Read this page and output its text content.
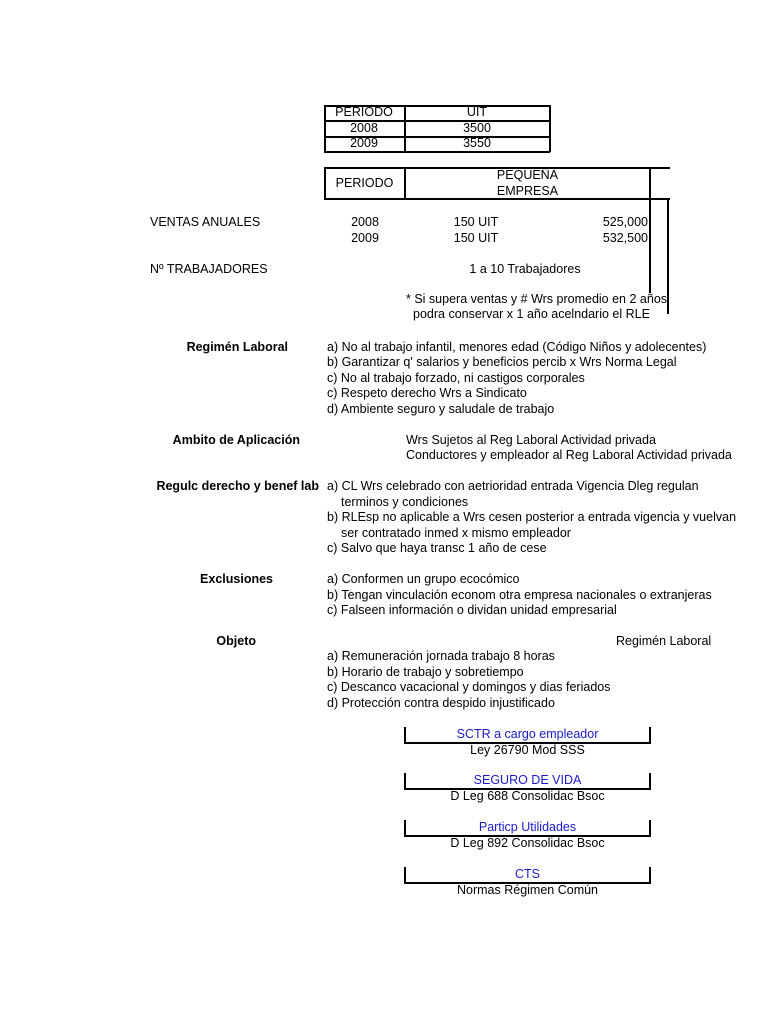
PERIODO	UIT
2008	3500
2009	3550
PERIODO
PEQUEÑA
EMPRESA
VENTAS ANUALES	2008	150 UIT	525,000
2009	150 UIT	532,500
Nº TRABAJADORES	1 a 10 Trabajadores
* Si supera ventas y # Wrs promedio en 2 años
podra conservar x 1 año acelndario el RLE
Regimén Laboral	a) No al trabajo infantil, menores edad (Código Niños y adolecentes)
b) Garantizar q' salarios y beneficios percib x Wrs Norma Legal
c) No al trabajo forzado, ni castigos corporales
c) Respeto derecho Wrs a Sindicato
d) Ambiente seguro y saludale de trabajo
Ambito de Aplicación	Wrs Sujetos al Reg Laboral Actividad privada
Conductores y empleador al Reg Laboral Actividad privada
Regulc derecho y benef lab a) CL Wrs celebrado con aetrioridad entrada Vigencia Dleg regulan
terminos y condiciones
b) RLEsp no aplicable a Wrs cesen posterior a entrada vigencia y vuelvan
ser contratado inmed x mismo empleador
c) Salvo que haya transc 1 año de cese
Exclusiones	a) Conformen un grupo ecocómico
b) Tengan vinculación econom otra empresa nacionales o extranjeras
c) Falseen información o dividan unidad empresarial
Objeto	Regimén Laboral
a) Remuneración jornada trabajo 8 horas
b) Horario de trabajo y sobretiempo
c) Descanco vacacional y domingos y dias feriados
d) Protección contra despido injustificado
SCTR a cargo empleador
Ley 26790 Mod SSS
SEGURO DE VIDA
D Leg 688 Consolidac Bsoc
Particp Utilidades
D Leg 892 Consolidac Bsoc
CTS
Normas Régimen Común
